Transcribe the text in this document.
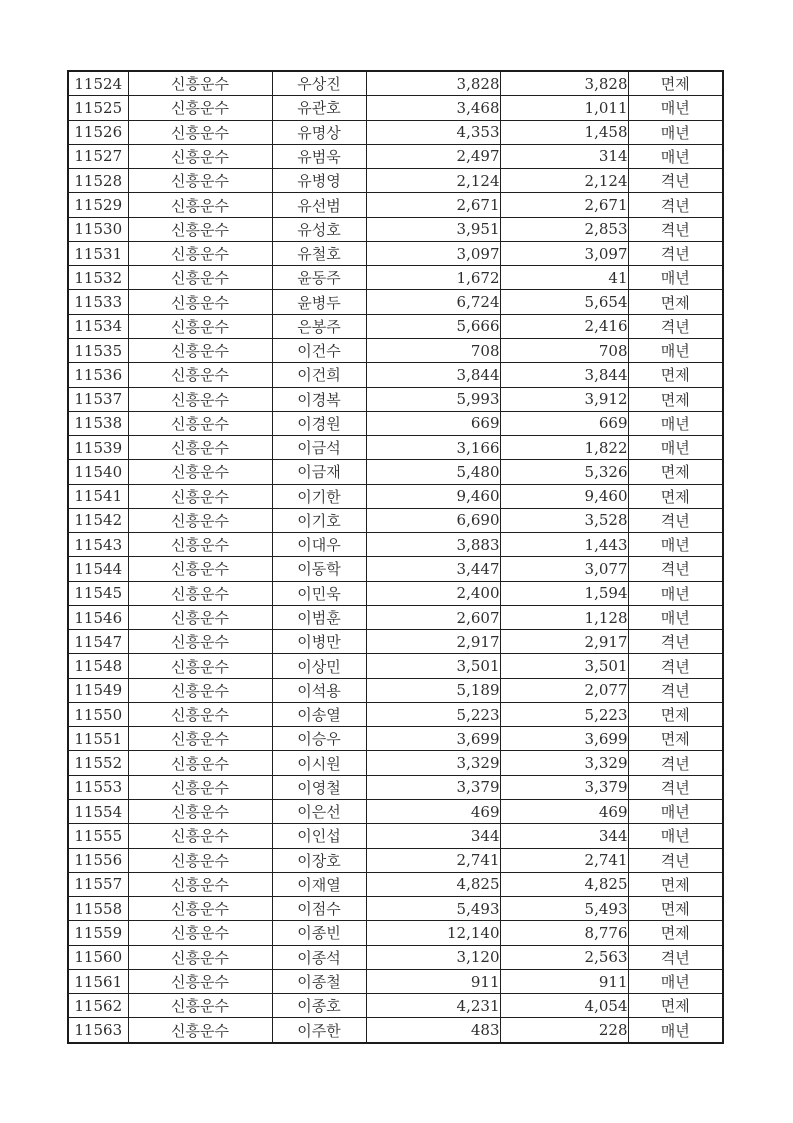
11524	신흥운수	우상진	3,828	3,828	면제
11525	신흥운수	유관호	3,468	1,011	매년
11526	신흥운수	유명상	4,353	1,458	매년
11527	신흥운수	유범욱	2,497	314	매년
11528	신흥운수	유병영	2,124	2,124	격년
11529	신흥운수	유선범	2,671	2,671	격년
11530	신흥운수	유성호	3,951	2,853	격년
11531	신흥운수	유철호	3,097	3,097	격년
11532	신흥운수	윤동주	1,672	41	매년
11533	신흥운수	윤병두	6,724	5,654	면제
11534	신흥운수	은봉주	5,666	2,416	격년
11535	신흥운수	이건수	708	708	매년
11536	신흥운수	이건희	3,844	3,844	면제
11537	신흥운수	이경복	5,993	3,912	면제
11538	신흥운수	이경원	669	669	매년
11539	신흥운수	이금석	3,166	1,822	매년
11540	신흥운수	이금재	5,480	5,326	면제
11541	신흥운수	이기한	9,460	9,460	면제
11542	신흥운수	이기호	6,690	3,528	격년
11543	신흥운수	이대우	3,883	1,443	매년
11544	신흥운수	이동학	3,447	3,077	격년
11545	신흥운수	이민욱	2,400	1,594	매년
11546	신흥운수	이범훈	2,607	1,128	매년
11547	신흥운수	이병만	2,917	2,917	격년
11548	신흥운수	이상민	3,501	3,501	격년
11549	신흥운수	이석용	5,189	2,077	격년
11550	신흥운수	이송열	5,223	5,223	면제
11551	신흥운수	이승우	3,699	3,699	면제
11552	신흥운수	이시원	3,329	3,329	격년
11553	신흥운수	이영철	3,379	3,379	격년
11554	신흥운수	이은선	469	469	매년
11555	신흥운수	이인섭	344	344	매년
11556	신흥운수	이장호	2,741	2,741	격년
11557	신흥운수	이재열	4,825	4,825	면제
11558	신흥운수	이점수	5,493	5,493	면제
11559	신흥운수	이종빈	12,140	8,776	면제
11560	신흥운수	이종석	3,120	2,563	격년
11561	신흥운수	이종철	911	911	매년
11562	신흥운수	이종호	4,231	4,054	면제
11563	신흥운수	이주한	483	228	매년
